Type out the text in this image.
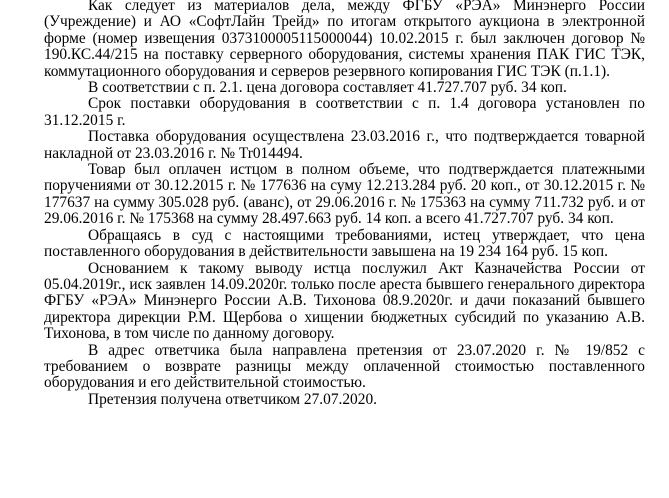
Как следует из материалов дела, между ФГБУ «РЭА» Минэнерго России (Учреждение) и АО «СофтЛайн Трейд» по итогам открытого аукциона в электронной форме (номер извещения 0373100005115000044) 10.02.2015 г. был заключен договор № 190.КС.44/215 на поставку серверного оборудования, системы хранения ПАК ГИС ТЭК, коммутационного оборудования и серверов резервного копирования ГИС ТЭК (п.1.1).

В соответствии с п. 2.1. цена договора составляет 41.727.707 руб. 34 коп.

Срок поставки оборудования в соответствии с п. 1.4 договора установлен по 31.12.2015 г.

Поставка оборудования осуществлена 23.03.2016 г., что подтверждается товарной накладной от 23.03.2016 г. № Tr014494.

Товар был оплачен истцом в полном объеме, что подтверждается платежными поручениями от 30.12.2015 г. № 177636 на суму 12.213.284 руб. 20 коп., от 30.12.2015 г. № 177637 на сумму 305.028 руб. (аванс), от 29.06.2016 г. № 175363 на сумму 711.732 руб. и от 29.06.2016 г. № 175368 на сумму 28.497.663 руб. 14 коп. а всего 41.727.707 руб. 34 коп.

Обращаясь в суд с настоящими требованиями, истец утверждает, что цена поставленного оборудования в действительности завышена на 19 234 164 руб. 15 коп.

Основанием к такому выводу истца послужил Акт Казначейства России от 05.04.2019г., иск заявлен 14.09.2020г. только после ареста бывшего генерального директора ФГБУ «РЭА» Минэнерго России А.В. Тихонова 08.9.2020г. и дачи показаний бывшего директора дирекции Р.М. Щербова о хищении бюджетных субсидий по указанию А.В. Тихонова, в том числе по данному договору.

В адрес ответчика была направлена претензия от 23.07.2020 г. № 19/852 с требованием о возврате разницы между оплаченной стоимостью поставленного оборудования и его действительной стоимостью.

Претензия получена ответчиком 27.07.2020.
